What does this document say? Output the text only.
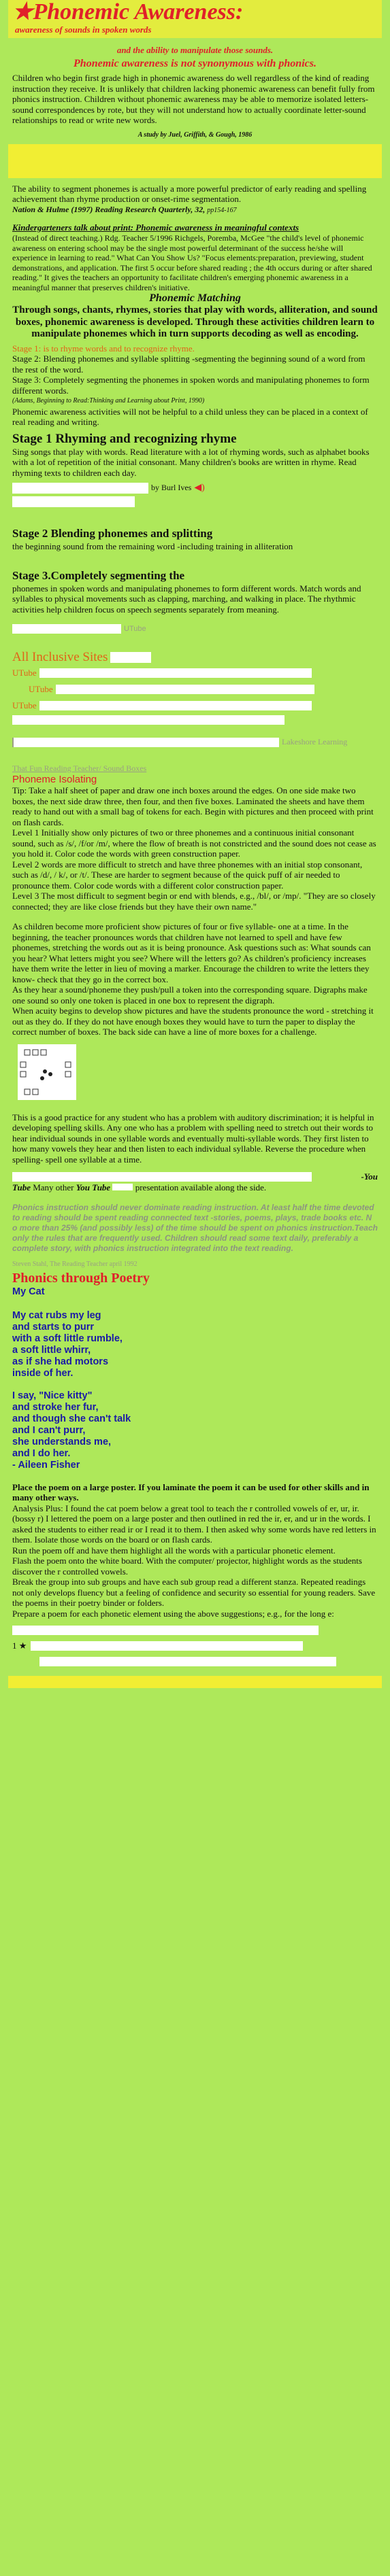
★Phonemic Awareness:
awareness of sounds in spoken words
and the ability to manipulate those sounds.
Phonemic awareness is not synonymous with phonics.

Children who begin first grade high in phonemic awareness do well regardless of the kind of reading instruction they receive. It is unlikely that children lacking phonemic awareness can benefit fully from phonics instruction. Children without phonemic awareness may be able to memorize isolated letters-sound correspondences by rote, but they will not understand how to actually coordinate letter-sound relationships to read or write new words.

A study by Juel, Griffith, & Gough, 1986

The ability to segment phonemes is actually a more powerful predictor of early reading and spelling achievement than rhyme production or onset-rime segmentation.

Nation & Hulme (1997) Reading Research Quarterly, 32, pp154-167

Kindergarteners talk about print: Phonemic awareness in meaningful contexts

(Instead of direct teaching.) Rdg. Teacher 5/1996 Richgels, Poremba, McGee "the child's level of phonemic awareness on entering school may be the single most powerful determinant of the success he/she will experience in learning to read." What Can You Show Us? "Focus elements:preparation, previewing, student demonstrations, and application. The first 5 occur before shared reading ; the 4th occurs during or after shared reading." It gives the teachers an opportunity to facilitate children's emerging phonemic awareness in a meaningful manner that preserves children's initiative.

Phonemic Matching
Through songs, chants, rhymes, stories that play with words, alliteration, and sound boxes, phonemic awareness is developed. Through these activities children learn to manipulate phonemes which in turn supports decoding as well as encoding.

Stage 1: is to rhyme words and to recognize rhyme.

Stage 2: Blending phonemes and syllable splitting -segmenting the beginning sound of a word from the rest of the word.

Stage 3: Completely segmenting the phonemes in spoken words and manipulating phonemes to form different words.

(Adams, Beginning to Read:Thinking and Learning about Print, 1990)

Phonemic awareness activities will not be helpful to a child unless they can be placed in a context of real reading and writing.

Stage 1 Rhyming and recognizing rhyme

Sing songs that play with words. Read literature with a lot of rhyming words, such as alphabet books with a lot of repetition of the initial consonant. Many children's books are written in rhyme. Read rhyming texts to children each day.

by Burl Ives ◀)
Stage 2 Blending phonemes and splitting

the beginning sound from the remaining word -including training in alliteration

Stage 3.Completely segmenting the

phonemes in spoken words and manipulating phonemes to form different words. Match words and syllables to physical movements such as clapping, marching, and walking in place. The rhythmic activities help children focus on speech segments separately from meaning.

UTube
All Inclusive Sites
UTube
UTube
UTube
Lakeshore Learning
That Fun Reading Teacher/ Sound Boxes
Phoneme Isolating

Tip: Take a half sheet of paper and draw one inch boxes around the edges. On one side make two boxes, the next side draw three, then four, and then five boxes. Laminated the sheets and have them ready to hand out with a small bag of tokens for each. Begin with pictures and then proceed with print on flash cards.

Level 1 Initially show only pictures of two or three phonemes and a continuous initial consonant sound, such as /s/, /f/or /m/, where the flow of breath is not constricted and the sound does not cease as you hold it. Color code the words with green construction paper.

Level 2 words are more difficult to stretch and have three phonemes with an initial stop consonant, such as /d/, / k/, or /t/. These are harder to segment because of the quick puff of air needed to pronounce them. Color code words with a different color construction paper.

Level 3 The most difficult to segment begin or end with blends, e.g., /bl/, or /mp/. "They are so closely connected; they are like close friends but they have their own name."

As children become more proficient show pictures of four or five syllable- one at a time. In the beginning, the teacher pronounces words that children have not learned to spell and have few phonemes, stretching the words out as it is being pronounce. Ask questions such as: What sounds can you hear? What letters might you see? Where will the letters go? As children's proficiency increases have them write the letter in lieu of moving a marker. Encourage the children to write the letters they know- check that they go in the correct box.

As they hear a sound/phoneme they push/pull a token into the corresponding square. Digraphs make one sound so only one token is placed in one box to represent the digraph.

When acuity begins to develop show pictures and have the students pronounce the word - stretching it out as they do. If they do not have enough boxes they would have to turn the paper to display the correct number of boxes. The back side can have a line of more boxes for a challenge.

This is a good practice for any student who has a problem with auditory discrimination; it is helpful in developing spelling skills. Any one who has a problem with spelling need to stretch out their words to hear individual sounds in one syllable words and eventually multi-syllable words. They first listen to how many vowels they hear and then listen to each individual syllable. Reverse the procedure when spelling- spell one syllable at a time.

-You

Tube Many other You Tube	presentation available along the side.

Phonics instruction should never dominate reading instruction. At least half the time devoted to reading should be spent reading connected text -stories, poems, plays, trade books etc. N o more than 25% (and possibly less) of the time should be spent on phonics instruction.Teach only the rules that are frequently used. Children should read some text daily, preferably a complete story, with phonics instruction integrated into the text reading.
Steven Stahl, The Reading Teacher april 1992
Phonics through Poetry
My Cat
My cat rubs my leg
and starts to purr
with a soft little rumble,
a soft little whirr,
as if she had motors
inside of her.
I say, "Nice kitty"
and stroke her fur,
and though she can't talk
and I can't purr,
she understands me,
and I do her.
- Aileen Fisher

Place the poem on a large poster. If you laminate the poem it can be used for other skills and in many other ways.

Analysis Plus: I found the cat poem below a great tool to teach the r controlled vowels of er, ur, ir. (bossy r) I lettered the poem on a large poster and then outlined in red the ir, er, and ur in the words. I asked the students to either read ir or I read it to them. I then asked why some words have red letters in them. Isolate those words on the board or on flash cards.

Run the poem off and have them highlight all the words with a particular phonetic element.

Flash the poem onto the white board. With the computer/ projector, highlight words as the students discover the r controlled vowels.

Break the group into sub groups and have each sub group read a different stanza. Repeated readings not only develops fluency but a feeling of confidence and security so essential for young readers. Save the poems in their poetry binder or folders.

Prepare a poem for each phonetic element using the above suggestions; e.g., for the long e:

1 ★
